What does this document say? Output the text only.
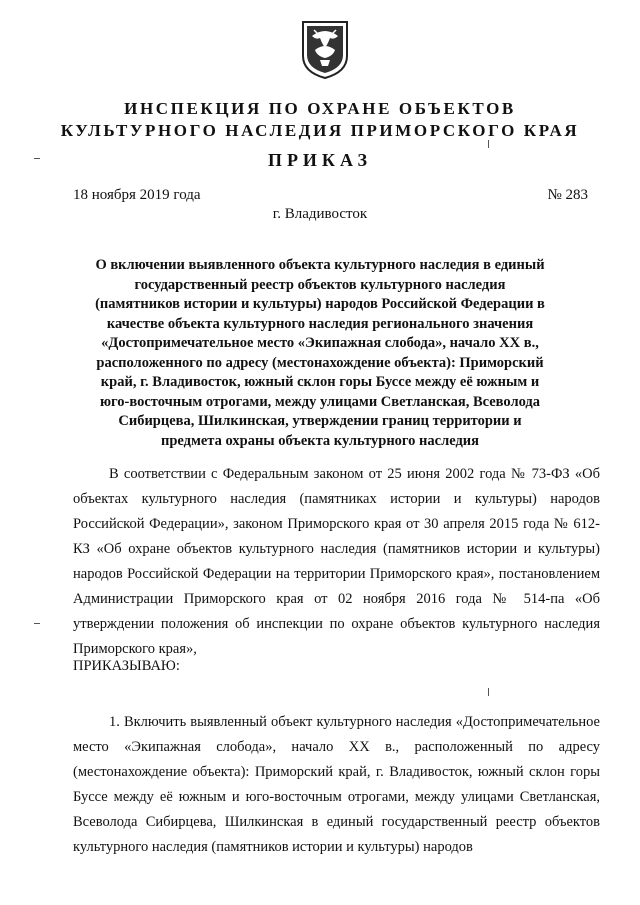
ИНСПЕКЦИЯ ПО ОХРАНЕ ОБЪЕКТОВ
КУЛЬТУРНОГО НАСЛЕДИЯ ПРИМОРСКОГО КРАЯ
ПРИКАЗ
18 ноября 2019 года	№ 283
г. Владивосток
О включении выявленного объекта культурного наследия в единый государственный реестр объектов культурного наследия (памятников истории и культуры) народов Российской Федерации в качестве объекта культурного наследия регионального значения «Достопримечательное место «Экипажная слобода», начало XX в., расположенного по адресу (местонахождение объекта): Приморский край, г. Владивосток, южный склон горы Буссе между её южным и юго-восточным отрогами, между улицами Светланская, Всеволода Сибирцева, Шилкинская, утверждении границ территории и предмета охраны объекта культурного наследия
В соответствии с Федеральным законом от 25 июня 2002 года № 73-ФЗ «Об объектах культурного наследия (памятниках истории и культуры) народов Российской Федерации», законом Приморского края от 30 апреля 2015 года № 612-КЗ «Об охране объектов культурного наследия (памятников истории и культуры) народов Российской Федерации на территории Приморского края», постановлением Администрации Приморского края от 02 ноября 2016 года № 514-па «Об утверждении положения об инспекции по охране объектов культурного наследия Приморского края»,
ПРИКАЗЫВАЮ:
1. Включить выявленный объект культурного наследия «Достопримечательное место «Экипажная слобода», начало XX в., расположенный по адресу (местонахождение объекта): Приморский край, г. Владивосток, южный склон горы Буссе между её южным и юго-восточным отрогами, между улицами Светланская, Всеволода Сибирцева, Шилкинская в единый государственный реестр объектов культурного наследия (памятников истории и культуры) народов
